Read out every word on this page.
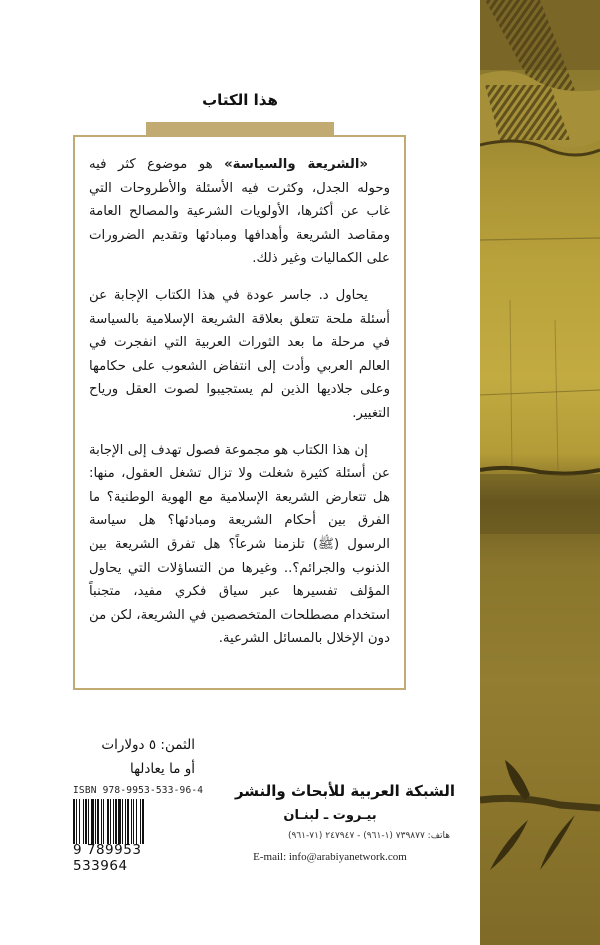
هذا الكتاب

«الشريعة والسياسة» هو موضوع كثر فيه وحوله الجدل، وكثرت فيه الأسئلة والأطروحات التي غاب عن أكثرها، الأولويات الشرعية والمصالح العامة ومقاصد الشريعة وأهدافها ومبادئها وتقديم الضرورات على الكماليات وغير ذلك.

يحاول د. جاسر عودة في هذا الكتاب الإجابة عن أسئلة ملحة تتعلق بعلاقة الشريعة الإسلامية بالسياسة في مرحلة ما بعد الثورات العربية التي انفجرت في العالم العربي وأدت إلى انتفاض الشعوب على حكامها وعلى جلاديها الذين لم يستجيبوا لصوت العقل ورياح التغيير.

إن هذا الكتاب هو مجموعة فصول تهدف إلى الإجابة عن أسئلة كثيرة شغلت ولا تزال تشغل العقول، منها: هل تتعارض الشريعة الإسلامية مع الهوية الوطنية؟ ما الفرق بين أحكام الشريعة ومبادئها؟ هل سياسة الرسول (ﷺ) تلزمنا شرعاً؟ هل تفرق الشريعة بين الذنوب والجرائم؟.. وغيرها من التساؤلات التي يحاول المؤلف تفسيرها عبر سياق فكري مفيد، متجنباً استخدام مصطلحات المتخصصين في الشريعة، لكن من دون الإخلال بالمسائل الشرعية.

الثمن: ٥ دولارات
أو ما يعادلها
ISBN 978-9953-533-96-4
9 789953 533964
الشبكة العربية للأبحاث والنشر
بيـروت ـ لبنـان
هاتف: ٧٣٩٨٧٧ (١-٩٦١) - ٢٤٧٩٤٧ (٧١-٩٦١)
E-mail: info@arabiyanetwork.com
